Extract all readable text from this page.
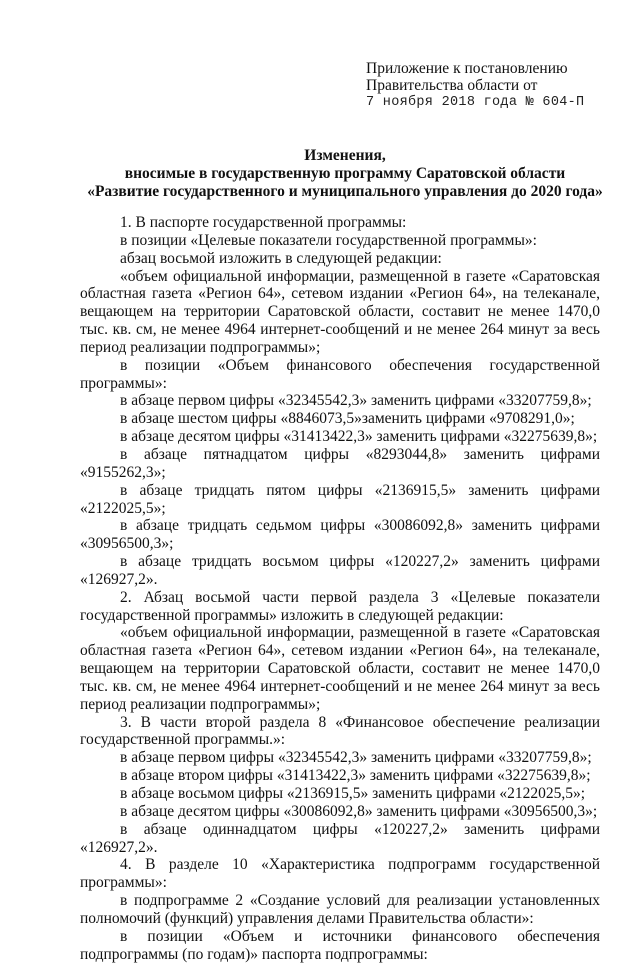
Приложение к постановлению
Правительства области от
7 ноября 2018 года № 604-П
Изменения,
вносимые в государственную программу Саратовской области
«Развитие государственного и муниципального управления до 2020 года»

1. В паспорте государственной программы:

в позиции «Целевые показатели государственной программы»:

абзац восьмой изложить в следующей редакции:

«объем официальной информации, размещенной в газете «Саратовская областная газета «Регион 64», сетевом издании «Регион 64», на телеканале, вещающем на территории Саратовской области, составит не менее 1470,0 тыс. кв. см, не менее 4964 интернет-сообщений и не менее 264 минут за весь период реализации подпрограммы»;

в позиции «Объем финансового обеспечения государственной программы»:

в абзаце первом цифры «32345542,3» заменить цифрами «33207759,8»;

в абзаце шестом цифры «8846073,5»заменить цифрами «9708291,0»;

в абзаце десятом цифры «31413422,3» заменить цифрами «32275639,8»;

в абзаце пятнадцатом цифры «8293044,8» заменить цифрами «9155262,3»;

в абзаце тридцать пятом цифры «2136915,5» заменить цифрами «2122025,5»;

в абзаце тридцать седьмом цифры «30086092,8» заменить цифрами «30956500,3»;

в абзаце тридцать восьмом цифры «120227,2» заменить цифрами «126927,2».

2. Абзац восьмой части первой раздела 3 «Целевые показатели государственной программы» изложить в следующей редакции:

«объем официальной информации, размещенной в газете «Саратовская областная газета «Регион 64», сетевом издании «Регион 64», на телеканале, вещающем на территории Саратовской области, составит не менее 1470,0 тыс. кв. см, не менее 4964 интернет-сообщений и не менее 264 минут за весь период реализации подпрограммы»;

3. В части второй раздела 8 «Финансовое обеспечение реализации государственной программы.»:

в абзаце первом цифры «32345542,3» заменить цифрами «33207759,8»;

в абзаце втором цифры «31413422,3» заменить цифрами «32275639,8»;

в абзаце восьмом цифры «2136915,5» заменить цифрами «2122025,5»;

в абзаце десятом цифры «30086092,8» заменить цифрами «30956500,3»;

в абзаце одиннадцатом цифры «120227,2» заменить цифрами «126927,2».

4. В разделе 10 «Характеристика подпрограмм государственной программы»:

в подпрограмме 2 «Создание условий для реализации установленных полномочий (функций) управления делами Правительства области»:

в позиции «Объем и источники финансового обеспечения подпрограммы (по годам)» паспорта подпрограммы:
